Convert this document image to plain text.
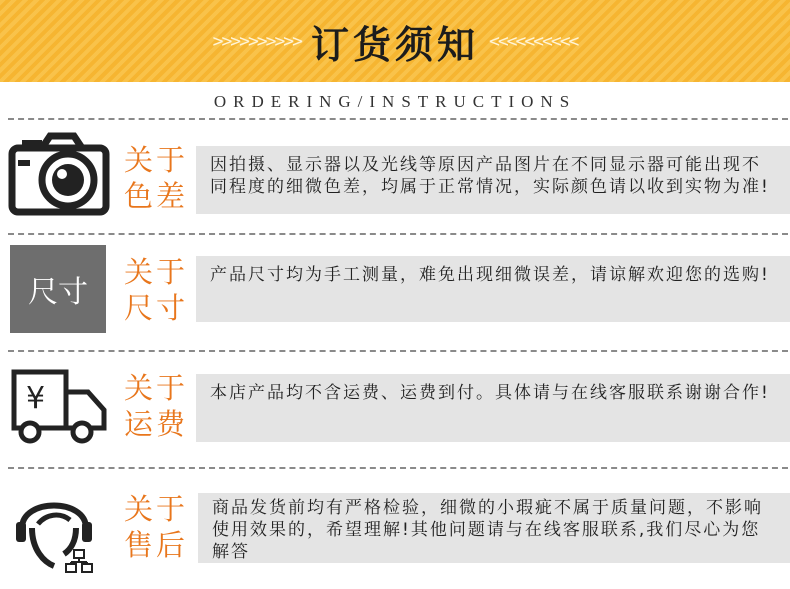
>>>>>>>>>> 订货须知 <<<<<<<<<<
ORDERING/INSTRUCTIONS
关于
色差
因拍摄、显示器以及光线等原因产品图片在不同显示器可能出现不同程度的细微色差，均属于正常情况，实际颜色请以收到实物为准!
尺寸
关于
尺寸
产品尺寸均为手工测量，难免出现细微误差，请谅解欢迎您的选购!
¥	关于
运费
本店产品均不含运费、运费到付。具体请与在线客服联系谢谢合作!
关于
售后
商品发货前均有严格检验，细微的小瑕疵不属于质量问题，不影响使用效果的，希望理解!其他问题请与在线客服联系,我们尽心为您解答
